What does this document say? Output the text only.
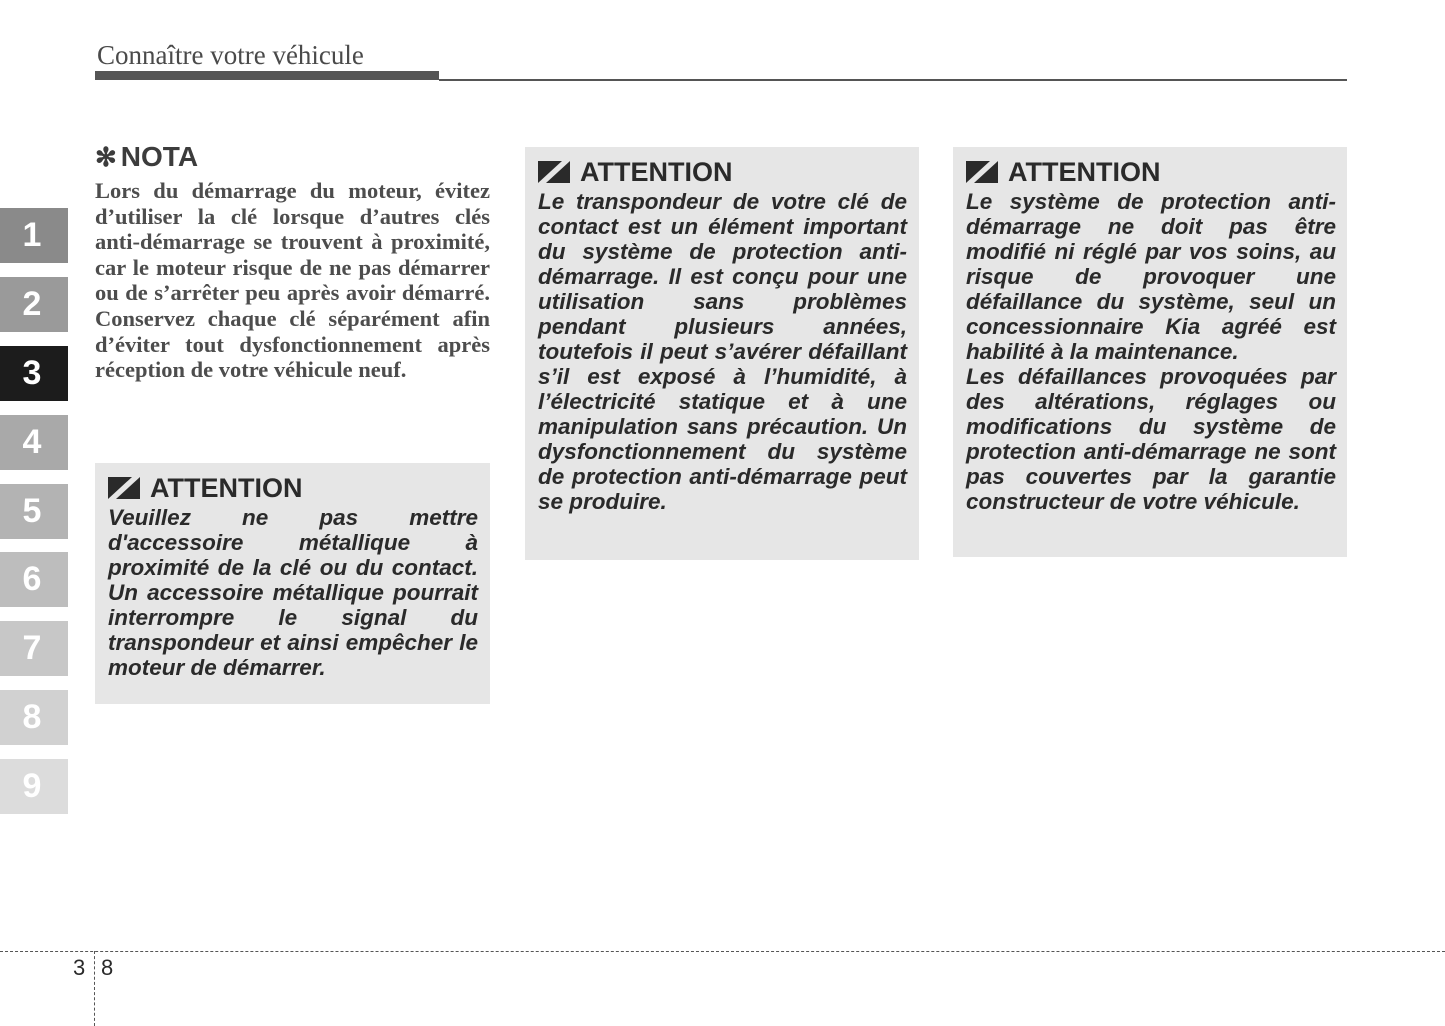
Connaître votre véhicule
1
2
3
4
5
6
7
8
9
✻ NOTA

Lors du démarrage du moteur, évitez d’utiliser la clé lorsque d’autres clés anti-démarrage se trouvent à proximité, car le moteur risque de ne pas démarrer ou de s’arrêter peu après avoir démarré. Conservez chaque clé séparément afin d’éviter tout dysfonctionnement après réception de votre véhicule neuf.

ATTENTION

Veuillez ne pas mettre d'accessoire métallique à proximité de la clé ou du contact. Un accessoire métallique pourrait interrompre le signal du transpondeur et ainsi empêcher le moteur de démarrer.

ATTENTION

Le transpondeur de votre clé de contact est un élément important du système de protection anti-démarrage. Il est conçu pour une utilisation sans problèmes pendant plusieurs années, toutefois il peut s’avérer défaillant s’il est exposé à l’humidité, à l’électricité statique et à une manipulation sans précaution. Un dysfonctionnement du système de protection anti-démarrage peut se produire.

ATTENTION

Le système de protection anti-démarrage ne doit pas être modifié ni réglé par vos soins, au risque de provoquer une défaillance du système, seul un concessionnaire Kia agréé est habilité à la maintenance.

Les défaillances provoquées par des altérations, réglages ou modifications du système de protection anti-démarrage ne sont pas couvertes par la garantie constructeur de votre véhicule.

3 8
